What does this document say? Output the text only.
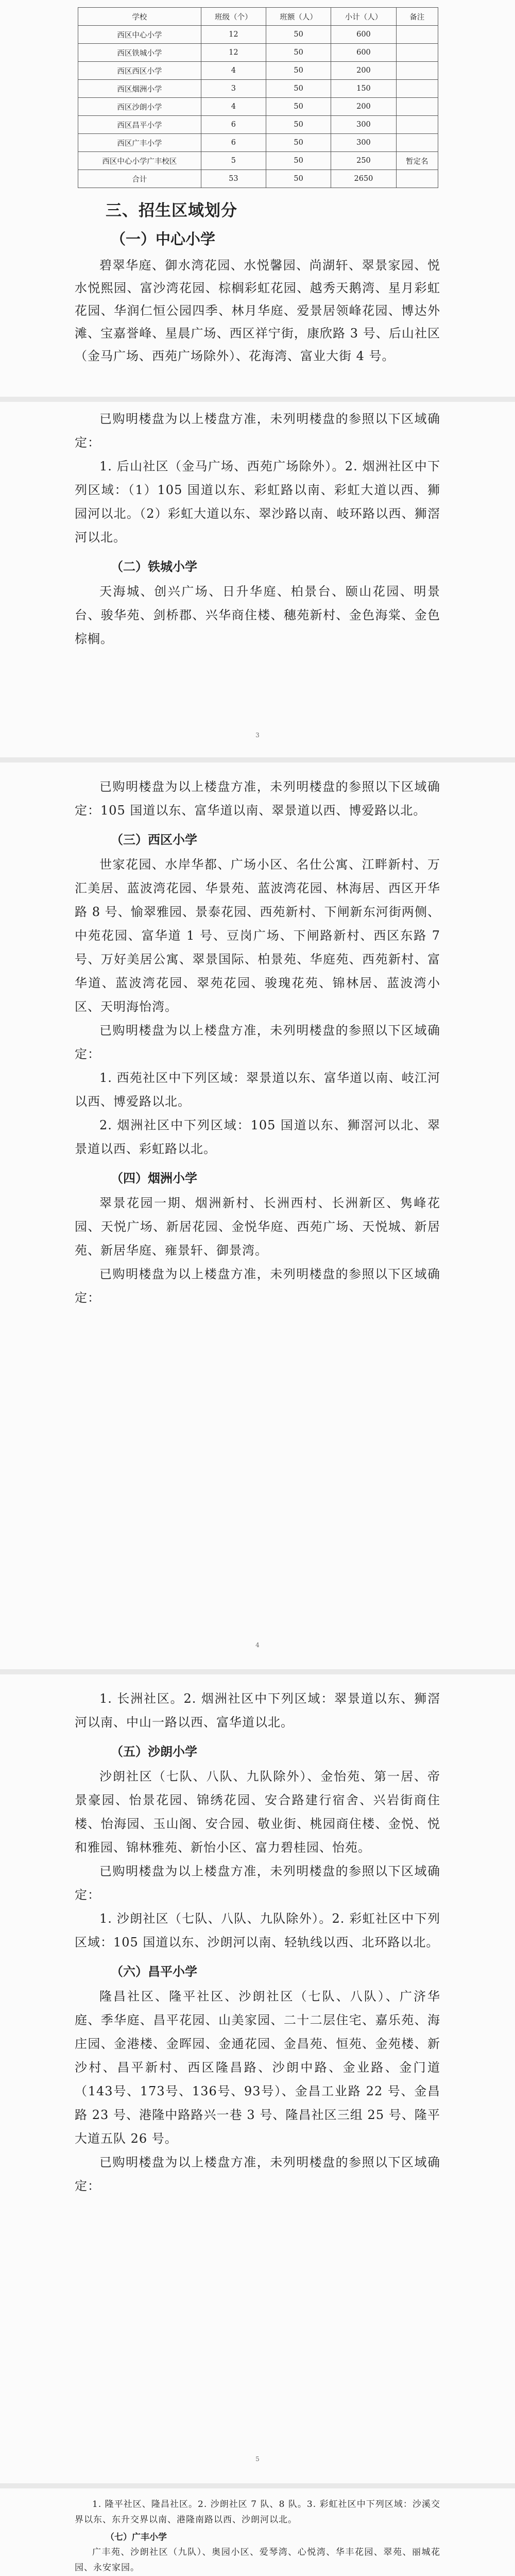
学校	班级（个）	班额（人）	小计（人）	备注
西区中心小学	12	50	600	
西区铁城小学	12	50	600	
西区西区小学	4	50	200	
西区烟洲小学	3	50	150	
西区沙朗小学	4	50	200	
西区昌平小学	6	50	300	
西区广丰小学	6	50	300	
西区中心小学广丰校区	5	50	250	暂定名
合计	53	50	2650	
三、招生区域划分
（一）中心小学

碧翠华庭、御水湾花园、水悦馨园、尚湖轩、翠景家园、悦水悦熙园、富沙湾花园、棕榈彩虹花园、越秀天鹅湾、星月彩虹花园、华润仁恒公园四季、林月华庭、爱景居领峰花园、博达外滩、宝嘉誉峰、星晨广场、西区祥宁街，康欣路 3 号、后山社区（金马广场、西苑广场除外）、花海湾、富业大街 4 号。

已购明楼盘为以上楼盘方准，未列明楼盘的参照以下区域确定：

1. 后山社区（金马广场、西苑广场除外）。2. 烟洲社区中下列区域：（1）105 国道以东、彩虹路以南、彩虹大道以西、狮园河以北。（2）彩虹大道以东、翠沙路以南、岐环路以西、狮滘河以北。

（二）铁城小学

天海城、创兴广场、日升华庭、柏景台、颐山花园、明景台、骏华苑、剑桥郡、兴华商住楼、穗苑新村、金色海棠、金色棕榈。

3

已购明楼盘为以上楼盘方准，未列明楼盘的参照以下区域确定：105 国道以东、富华道以南、翠景道以西、博爱路以北。

（三）西区小学

世家花园、水岸华都、广场小区、名仕公寓、江畔新村、万汇美居、蓝波湾花园、华景苑、蓝波湾花园、林海居、西区开华路 8 号、愉翠雅园、景泰花园、西苑新村、下闸新东河街两侧、中苑花园、富华道 1 号、豆岗广场、下闸路新村、西区东路 7 号、万好美居公寓、翠景国际、柏景苑、华庭苑、西苑新村、富华道、蓝波湾花园、翠苑花园、骏瑰花苑、锦林居、蓝波湾小区、天明海怡湾。

已购明楼盘为以上楼盘方准，未列明楼盘的参照以下区域确定：

1. 西苑社区中下列区域：翠景道以东、富华道以南、岐江河以西、博爱路以北。

2. 烟洲社区中下列区域：105 国道以东、狮滘河以北、翠景道以西、彩虹路以北。

（四）烟洲小学

翠景花园一期、烟洲新村、长洲西村、长洲新区、隽峰花园、天悦广场、新居花园、金悦华庭、西苑广场、天悦城、新居苑、新居华庭、雍景轩、御景湾。

已购明楼盘为以上楼盘方准，未列明楼盘的参照以下区域确定：

4

1. 长洲社区。2. 烟洲社区中下列区域：翠景道以东、狮滘河以南、中山一路以西、富华道以北。

（五）沙朗小学

沙朗社区（七队、八队、九队除外）、金怡苑、第一居、帝景豪园、怡景花园、锦绣花园、安合路建行宿舍、兴岩街商住楼、怡海园、玉山阁、安合园、敬业街、桃园商住楼、金悦、悦和雅园、锦林雅苑、新怡小区、富力碧桂园、怡苑。

已购明楼盘为以上楼盘方准，未列明楼盘的参照以下区域确定：

1. 沙朗社区（七队、八队、九队除外）。2. 彩虹社区中下列区域：105 国道以东、沙朗河以南、轻轨线以西、北环路以北。

（六）昌平小学

隆昌社区、隆平社区、沙朗社区（七队、八队）、广济华庭、季华庭、昌平花园、山美家园、二十二层住宅、嘉乐苑、海庄园、金港楼、金晖园、金通花园、金昌苑、恒苑、金苑楼、新沙村、昌平新村、西区隆昌路、沙朗中路、金业路、金门道（143号、173号、136号、93号）、金昌工业路 22 号、金昌路 23 号、港隆中路路兴一巷 3 号、隆昌社区三组 25 号、隆平大道五队 26 号。

已购明楼盘为以上楼盘方准，未列明楼盘的参照以下区域确定：

5

1. 隆平社区、隆昌社区。2. 沙朗社区 7 队、8 队。3. 彩虹社区中下列区域：沙溪交界以东、东升交界以南、港隆南路以西、沙朗河以北。

（七）广丰小学

广丰苑、沙朗社区（九队）、奥园小区、爱琴湾、心悦湾、华丰花园、翠苑、丽城花园、永安家园。
